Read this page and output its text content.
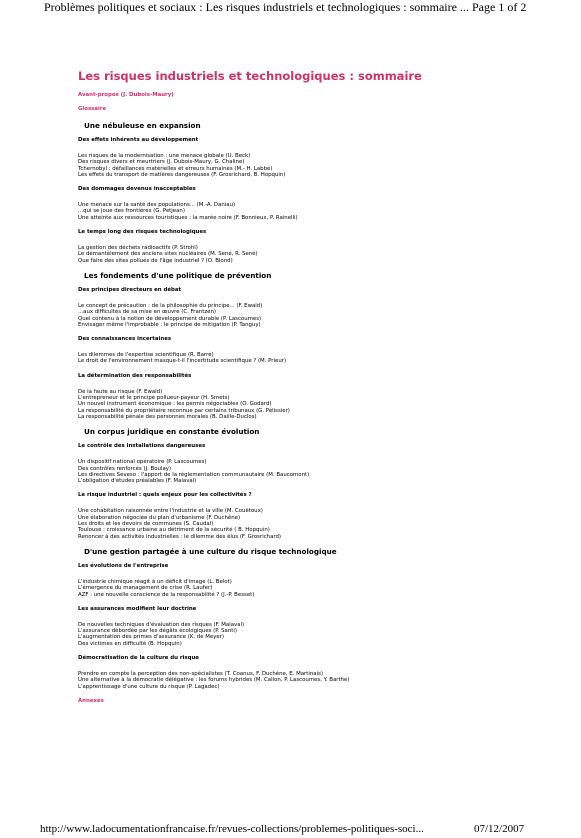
Problèmes politiques et sociaux : Les risques industriels et technologiques : sommaire ... Page 1 of 2
Les risques industriels et technologiques : sommaire
Avant-propos (J. Dubois-Maury)
Glossaire
Une nébuleuse en expansion
Des effets inhérents au développement
Les risques de la modernisation : une menace globale (U. Beck)
Des risques divers et meurtriers (J. Dubois-Maury, G. Chaline)
Tchernobyl : défaillances matérielles et erreurs humaines (M.- H. Labbé)
Les effets du transport de matières dangereuses (F. Grosrichard, B. Hopquin)
Des dommages devenus inacceptables
Une menace sur la santé des populations... (M.-A. Daniau)
...qui se joue des frontières (G. Petjean)
Une atteinte aux ressources touristiques : la marée noire (F. Bonnieux, P. Rainelli)
Le temps long des risques technologiques
La gestion des déchets radioactifs (P. Strohl)
Le démantèlement des anciens sites nucléaires (M. Sené, R. Sené)
Que faire des sites pollués de l'âge industriel ? (O. Blond)
Les fondements d'une politique de prévention
Des principes directeurs en débat
Le concept de précaution : de la philosophie du principe... (F. Ewald)
...aux difficultés de sa mise en œuvre (C. Frantzen)
Quel contenu à la notion de développement durable (P. Lascoumes)
Envisager même l'improbable : le principe de mitigation (P. Tanguy)
Des connaissances incertaines
Les dilemmes de l'expertise scientifique (R. Barré)
Le droit de l'environnement masque-t-il l'incertitude scientifique ? (M. Prieur)
La détermination des responsabilités
De la faute au risque (F. Ewald)
L'entrepreneur et le principe pollueur-payeur (H. Smets)
Un nouvel instrument économique : les permis négociables (O. Godard)
La responsabilité du propriétaire reconnue par certains tribunaux (G. Pélissier)
La responsabilité pénale des personnes morales (B. Daille-Duclos)
Un corpus juridique en constante évolution
Le contrôle des installations dangereuses
Un dispositif national opératoire (P. Lascoumes)
Des contrôles renforcés (J. Boulay)
Les directives Seveso : l'apport de la réglementation communautaire (M. Baucomont)
L'obligation d'études préalables (F. Malaval)
Le risque industriel : quels enjeux pour les collectivités ?
Une cohabitation raisonnée entre l'industrie et la ville (M. Couëtoux)
Une élaboration négociée du plan d'urbanisme (F. Duchêne)
Les droits et les devoirs de communes (S. Caudal)
Toulouse : croissance urbaine au détriment de la sécurité ( B. Hopquin)
Renoncer à des activités industrielles : le dilemme des élus (F. Grosrichard)
D'une gestion partagée à une culture du risque technologique
Les évolutions de l'entreprise
L'industrie chimique réagit à un déficit d'image (L. Belot)
L'émergence du management de crise (R. Laufer)
AZF : une nouvelle conscience de la responsabilité ? (J.-P. Besset)
Les assurances modifient leur doctrine
De nouvelles techniques d'évaluation des risques (F. Malaval)
L'assurance débordée par les dégâts écologiques (P. Santi)
L'augmentation des primes d'assurance (K. de Meyer)
Des victimes en difficulté (B. Hopquin)
Démocratisation de la culture du risque
Prendre en compte la perception des non-spécialistes (T. Coanus, F. Duchêne, E. Martinais)
Une alternative à la démocratie délégative : les forums hybrides (M. Callon, P. Lascoumes, Y. Barthe)
L'apprentissage d'une culture du risque (P. Lagadec)
Annexes
http://www.ladocumentationfrancaise.fr/revues-collections/problemes-politiques-soci...	07/12/2007
